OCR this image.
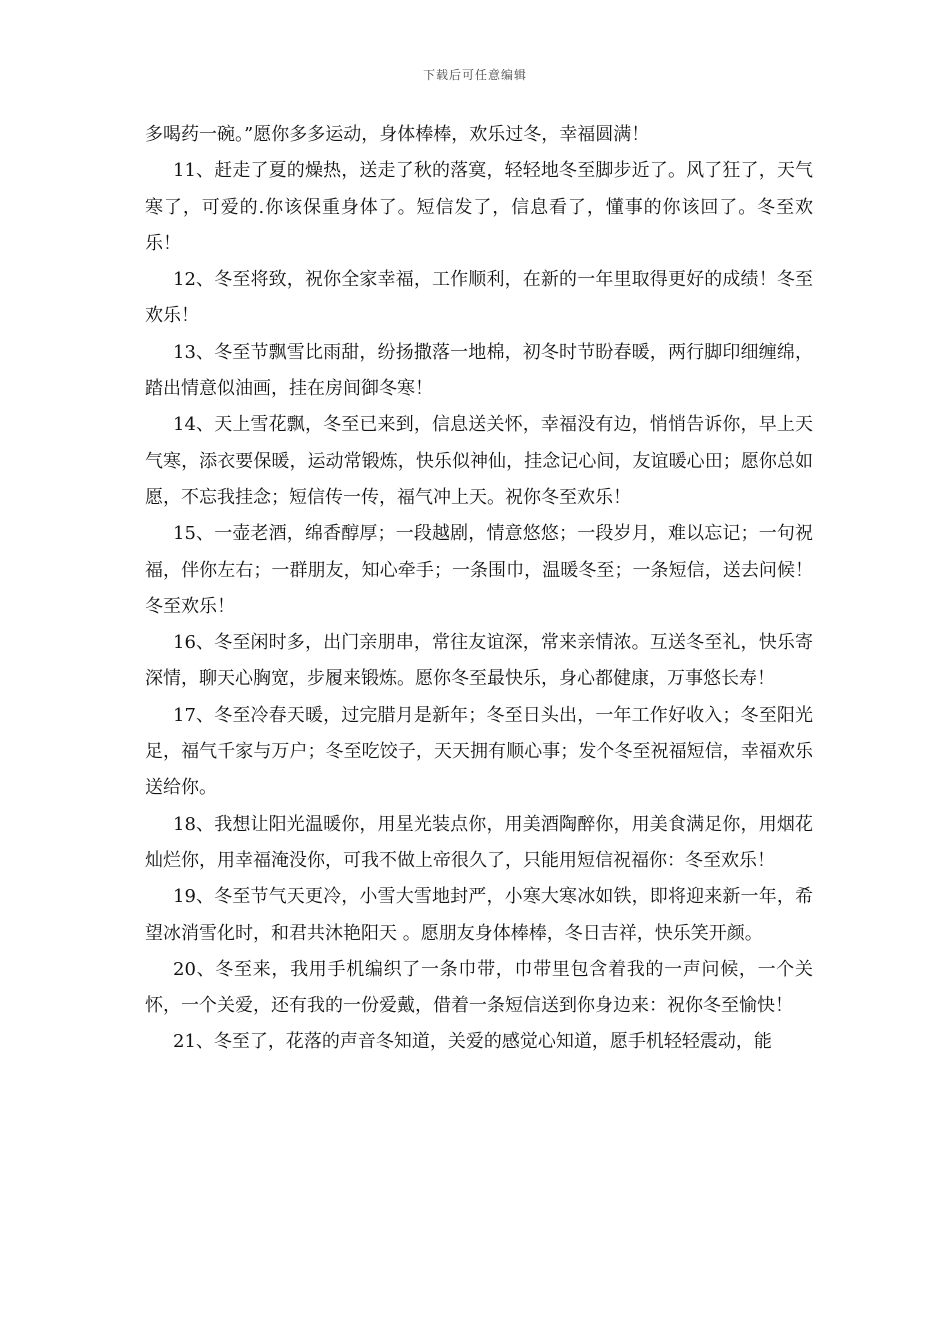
下载后可任意编辑

多喝药一碗。”愿你多多运动，身体棒棒，欢乐过冬，幸福圆满！

11、赶走了夏的燥热，送走了秋的落寞，轻轻地冬至脚步近了。风了狂了，天气寒了，可爱的.你该保重身体了。短信发了，信息看了，懂事的你该回了。冬至欢乐！

12、冬至将致，祝你全家幸福，工作顺利，在新的一年里取得更好的成绩！冬至欢乐！

13、冬至节飘雪比雨甜，纷扬撒落一地棉，初冬时节盼春暖，两行脚印细缠绵，踏出情意似油画，挂在房间御冬寒！

14、天上雪花飘，冬至已来到，信息送关怀，幸福没有边，悄悄告诉你，早上天气寒，添衣要保暖，运动常锻炼，快乐似神仙，挂念记心间，友谊暖心田；愿你总如愿，不忘我挂念；短信传一传，福气冲上天。祝你冬至欢乐！

15、一壶老酒，绵香醇厚；一段越剧，情意悠悠；一段岁月，难以忘记；一句祝福，伴你左右；一群朋友，知心牵手；一条围巾，温暖冬至；一条短信，送去问候！冬至欢乐！

16、冬至闲时多，出门亲朋串，常往友谊深，常来亲情浓。互送冬至礼，快乐寄深情，聊天心胸宽，步履来锻炼。愿你冬至最快乐，身心都健康，万事悠长寿！

17、冬至冷春天暖，过完腊月是新年；冬至日头出，一年工作好收入；冬至阳光足，福气千家与万户；冬至吃饺子，天天拥有顺心事；发个冬至祝福短信，幸福欢乐送给你。

18、我想让阳光温暖你，用星光装点你，用美酒陶醉你，用美食满足你，用烟花灿烂你，用幸福淹没你，可我不做上帝很久了，只能用短信祝福你：冬至欢乐！

19、冬至节气天更冷，小雪大雪地封严，小寒大寒冰如铁，即将迎来新一年，希望冰消雪化时，和君共沐艳阳天 。愿朋友身体棒棒，冬日吉祥，快乐笑开颜。

20、冬至来，我用手机编织了一条巾带，巾带里包含着我的一声问候，一个关怀，一个关爱，还有我的一份爱戴，借着一条短信送到你身边来：祝你冬至愉快！

21、冬至了，花落的声音冬知道，关爱的感觉心知道，愿手机轻轻震动，能
